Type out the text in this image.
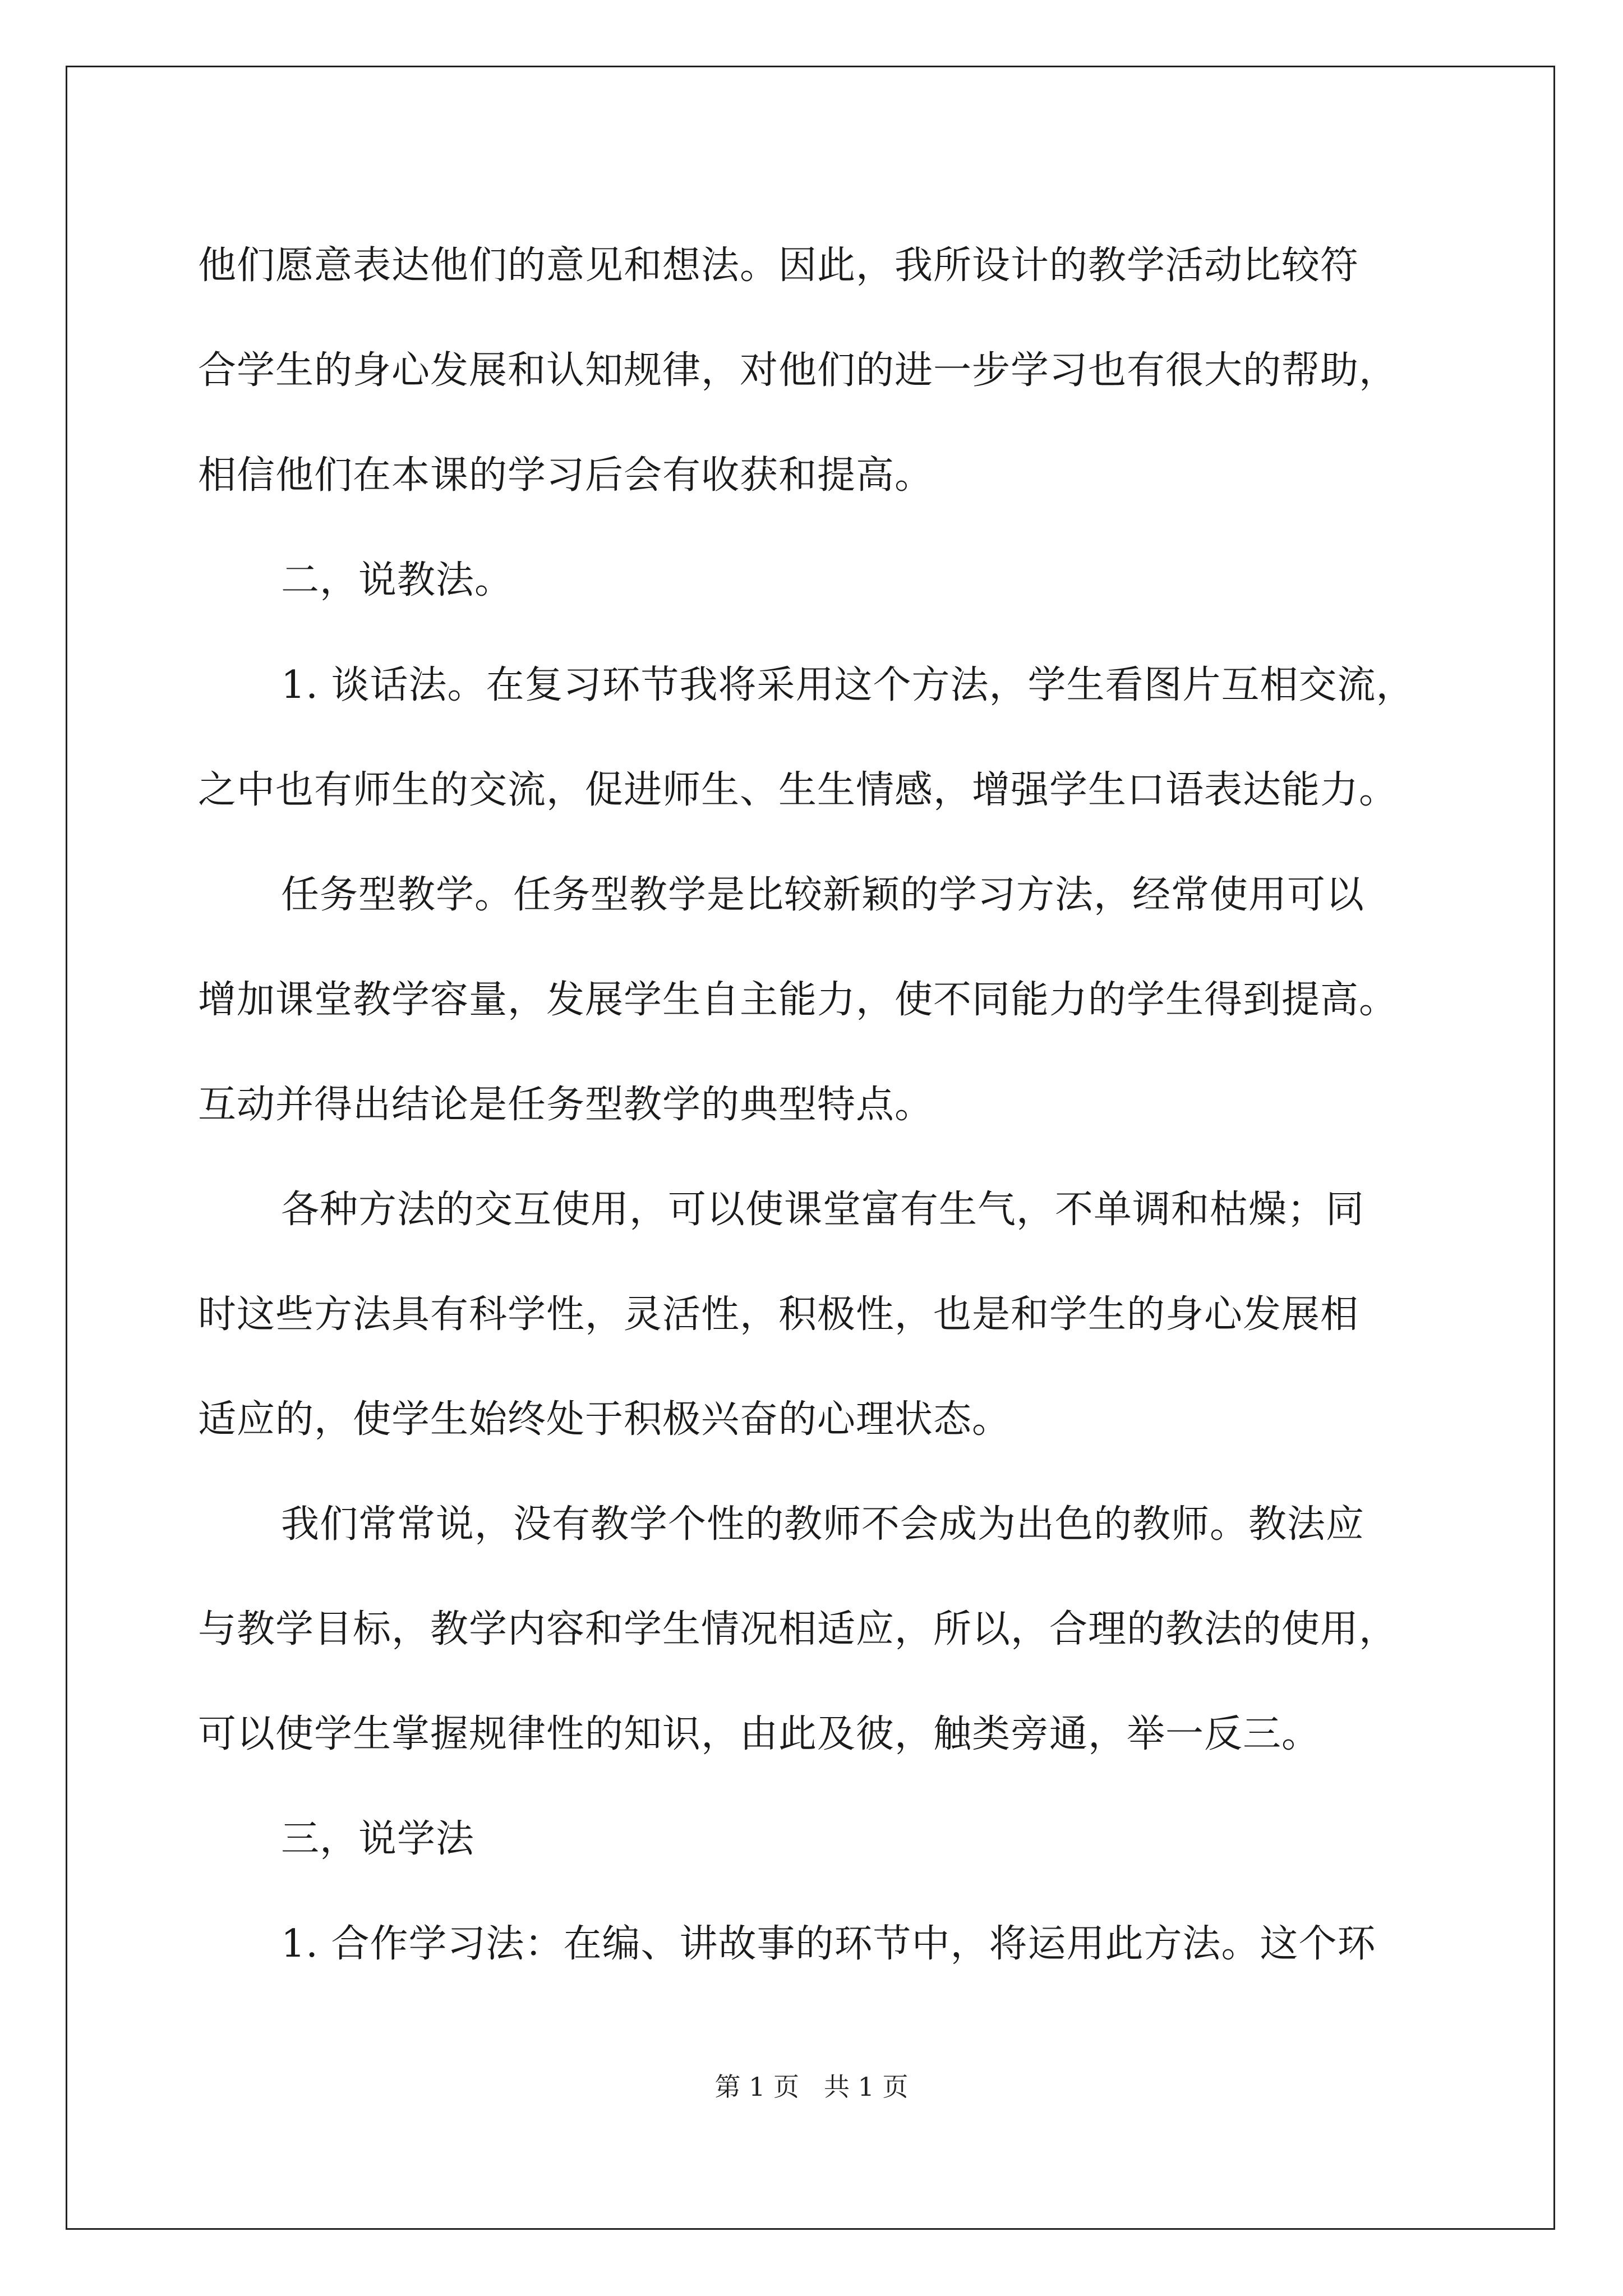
他们愿意表达他们的意见和想法。因此，我所设计的教学活动比较符
合学生的身心发展和认知规律，对他们的进一步学习也有很大的帮助，
相信他们在本课的学习后会有收获和提高。
二，说教法。
1. 谈话法。在复习环节我将采用这个方法，学生看图片互相交流，
之中也有师生的交流，促进师生、生生情感，增强学生口语表达能力。
任务型教学。任务型教学是比较新颖的学习方法，经常使用可以
增加课堂教学容量，发展学生自主能力，使不同能力的学生得到提高。
互动并得出结论是任务型教学的典型特点。
各种方法的交互使用，可以使课堂富有生气，不单调和枯燥；同
时这些方法具有科学性，灵活性，积极性，也是和学生的身心发展相
适应的，使学生始终处于积极兴奋的心理状态。
我们常常说，没有教学个性的教师不会成为出色的教师。教法应
与教学目标，教学内容和学生情况相适应，所以，合理的教法的使用，
可以使学生掌握规律性的知识，由此及彼，触类旁通，举一反三。
三，说学法
1. 合作学习法：在编、讲故事的环节中，将运用此方法。这个环
第 1 页 共 1 页
